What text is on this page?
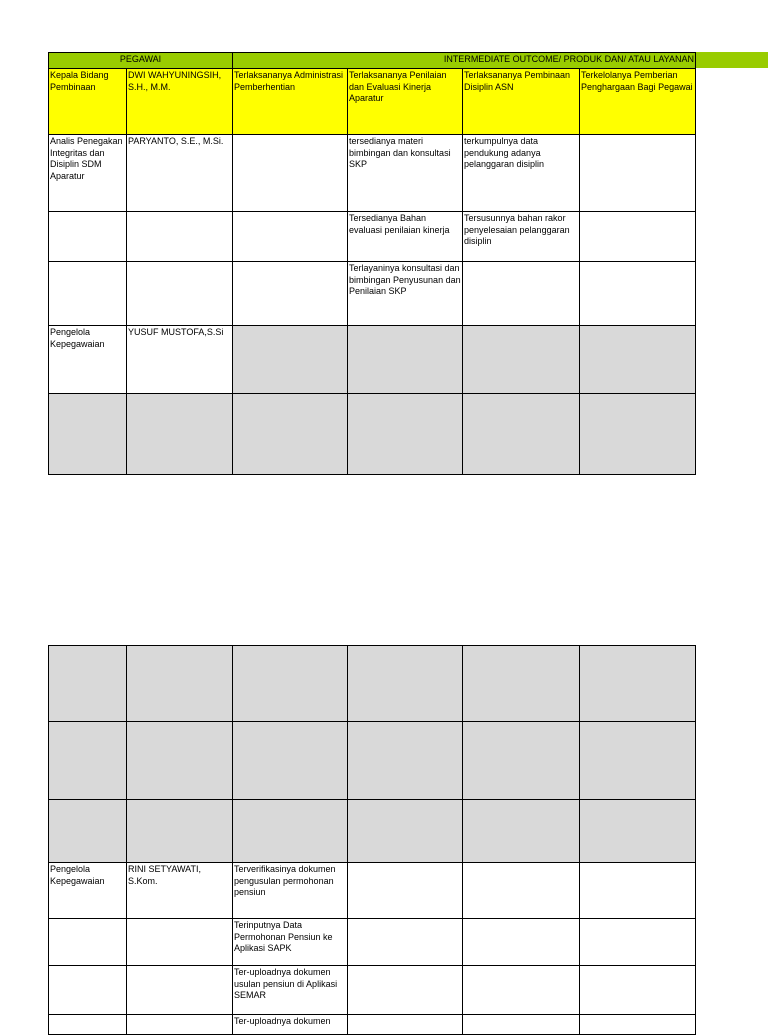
PEGAWAI		INTERMEDIATE OUTCOME/ PRODUK DAN/ ATAU LAYANAN			
Kepala Bidang Pembinaan	DWI WAHYUNINGSIH, S.H., M.M.	Terlaksananya Administrasi Pemberhentian	Terlaksananya Penilaian dan Evaluasi Kinerja Aparatur	Terlaksananya Pembinaan Disiplin ASN	Terkelolanya Pemberian Penghargaan Bagi Pegawai
Analis Penegakan Integritas dan Disiplin SDM Aparatur	PARYANTO, S.E., M.Si.		tersedianya materi bimbingan dan konsultasi SKP	terkumpulnya data pendukung adanya pelanggaran disiplin	
			Tersedianya Bahan evaluasi penilaian kinerja	Tersusunnya bahan rakor penyelesaian pelanggaran disiplin	
			Terlayaninya konsultasi dan bimbingan Penyusunan dan Penilaian SKP		
Pengelola Kepegawaian	YUSUF MUSTOFA,S.Si				

Pengelola Kepegawaian	RINI SETYAWATI, S.Kom.	Terverifikasinya dokumen pengusulan permohonan pensiun			
		Terinputnya Data Permohonan Pensiun ke Aplikasi SAPK			
		Ter-uploadnya dokumen usulan pensiun di Aplikasi SEMAR			
		Ter-uploadnya dokumen			
